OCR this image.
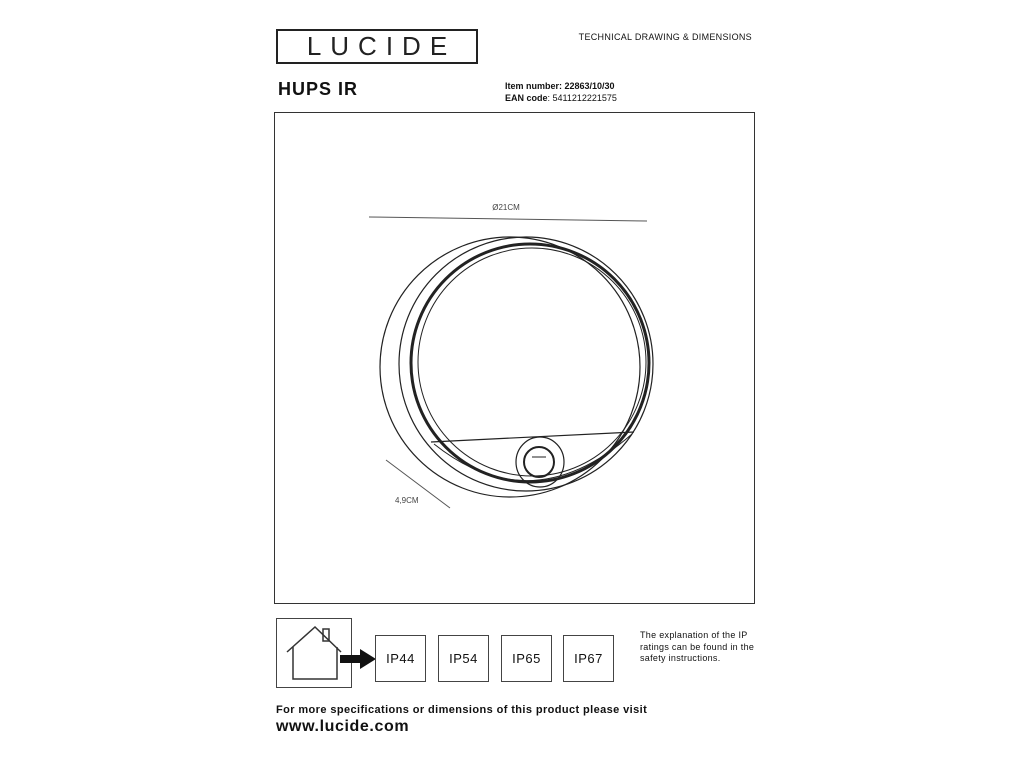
LUCIDE	TECHNICAL DRAWING & DIMENSIONS
HUPS IR	Item number: 22863/10/30
EAN code: 5411212221575
Ø21CM
4,9CM
IP44	IP54	IP65	IP67
The explanation of the IP ratings can be found in the safety instructions.
For more specifications or dimensions of this product please visit
www.lucide.com
